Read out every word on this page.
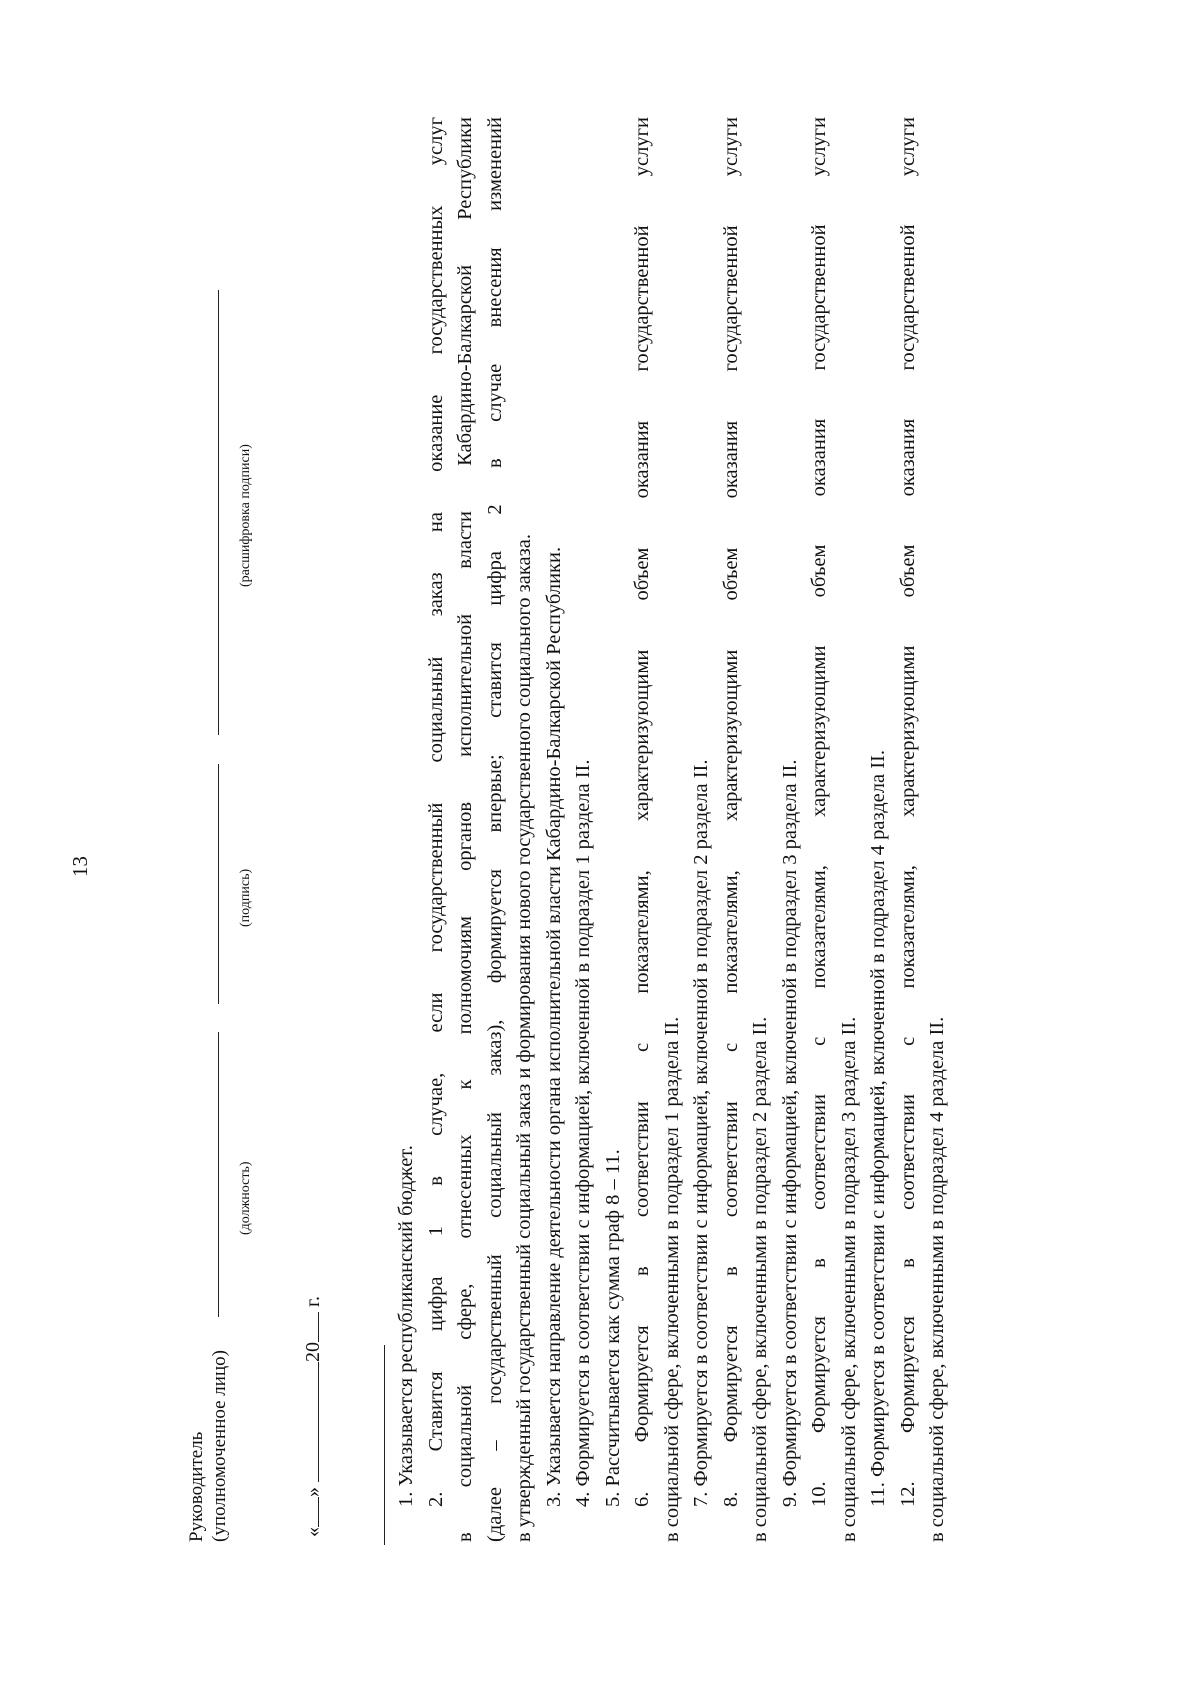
13
Руководитель (уполномоченное лицо)
(должность)
(подпись)
(расшифровка подписи)
«» 20 г.	1. Указывается республиканский бюджет. 2. Ставится цифра 1 в случае, если государственный социальный заказ на оказание государственных услуг в социальной сфере, отнесенных к полномочиям органов исполнительной власти Кабардино-Балкарской Республики (далее – государственный социальный заказ), формируется впервые; ставится цифра 2 в случае внесения изменений в утвержденный государственный социальный заказ и формирования нового государственного социального заказа. 3. Указывается направление деятельности органа исполнительной власти Кабардино-Балкарской Республики. 4. Формируется в соответствии с информацией, включенной в подраздел 1 раздела II. 5. Рассчитывается как сумма граф 8 – 11. 6. Формируется в соответствии с показателями, характеризующими объем оказания государственной услуги в социальной сфере, включенными в подраздел 1 раздела II. 7. Формируется в соответствии с информацией, включенной в подраздел 2 раздела II. 8. Формируется в соответствии с показателями, характеризующими объем оказания государственной услуги в социальной сфере, включенными в подраздел 2 раздела II. 9. Формируется в соответствии с информацией, включенной в подраздел 3 раздела II. 10. Формируется в соответствии с показателями, характеризующими объем оказания государственной услуги в социальной сфере, включенными в подраздел 3 раздела II. 11. Формируется в соответствии с информацией, включенной в подраздел 4 раздела II. 12. Формируется в соответствии с показателями, характеризующими объем оказания государственной услуги в социальной сфере, включенными в подраздел 4 раздела II.
